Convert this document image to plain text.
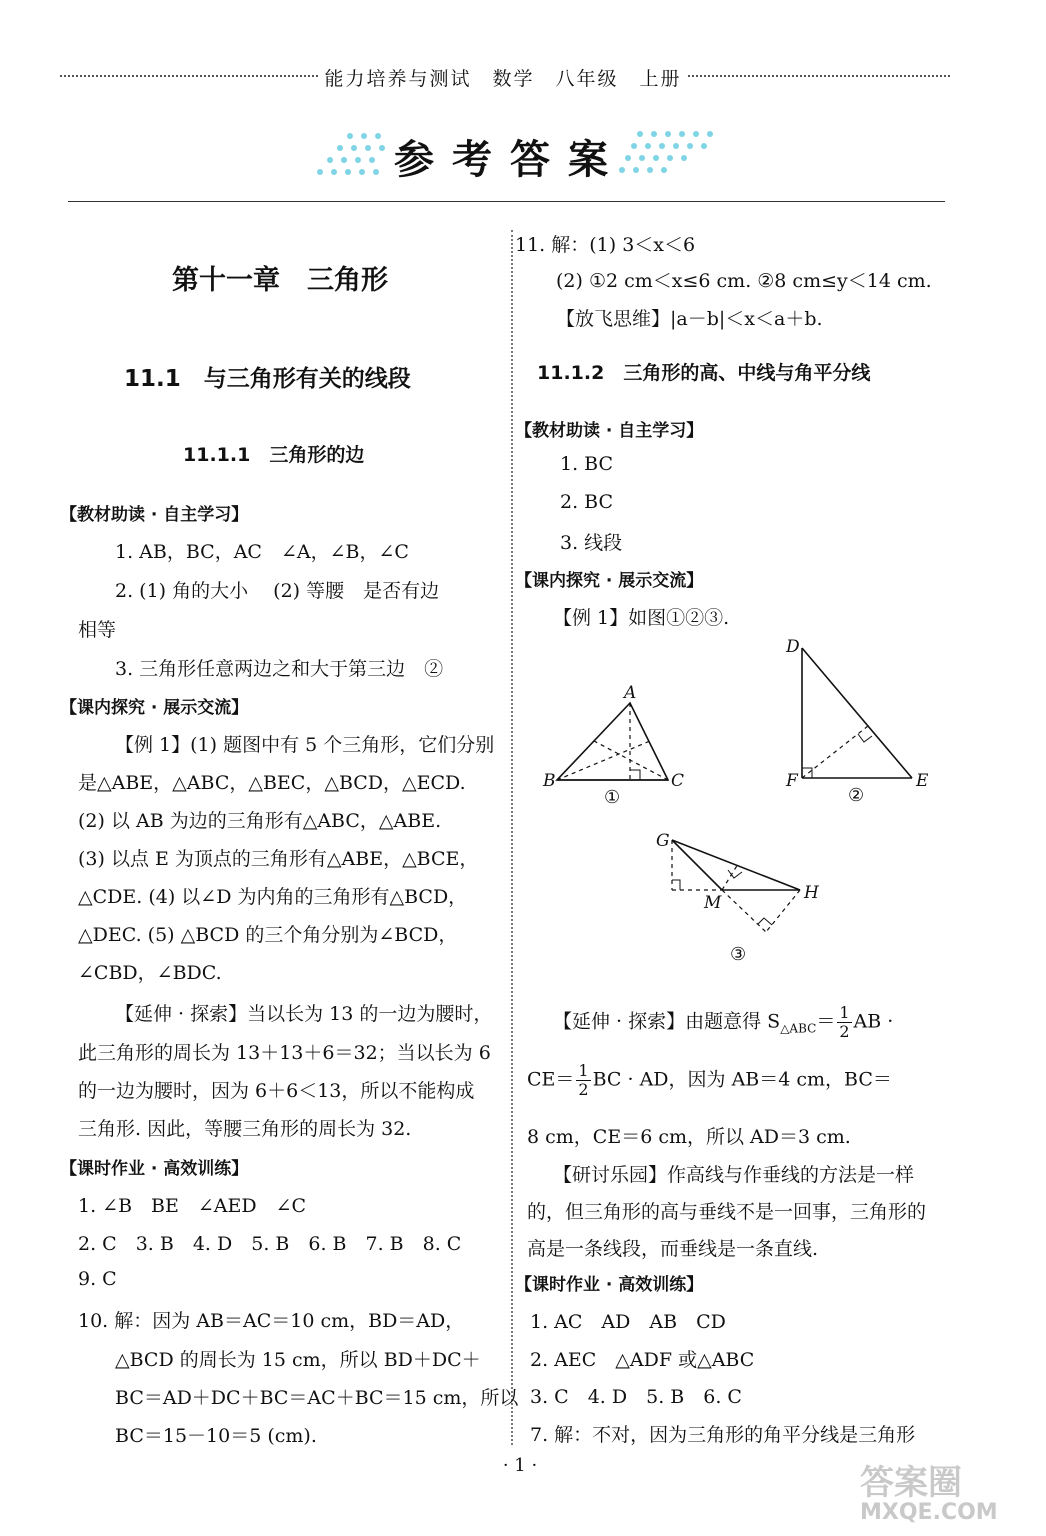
能力培养与测试　数学　八年级　上册
参考答案

第十一章　三角形

11.1　与三角形有关的线段

11.1.1　三角形的边

【教材助读 · 自主学习】

1. AB，BC，AC　∠A，∠B，∠C

2. (1) 角的大小　 (2) 等腰　是否有边

相等

3. 三角形任意两边之和大于第三边　②

【课内探究 · 展示交流】

【例 1】(1) 题图中有 5 个三角形，它们分别

是△ABE，△ABC，△BEC，△BCD，△ECD.

(2) 以 AB 为边的三角形有△ABC，△ABE.

(3) 以点 E 为顶点的三角形有△ABE，△BCE，

△CDE. (4) 以∠D 为内角的三角形有△BCD，

△DEC. (5) △BCD 的三个角分别为∠BCD，

∠CBD，∠BDC.

【延伸 · 探索】当以长为 13 的一边为腰时，

此三角形的周长为 13＋13＋6＝32；当以长为 6

的一边为腰时，因为 6＋6＜13，所以不能构成

三角形. 因此，等腰三角形的周长为 32.

【课时作业 · 高效训练】

1. ∠B　BE　∠AED　∠C

2. C　3. B　4. D　5. B　6. B　7. B　8. C

9. C

10. 解：因为 AB＝AC＝10 cm，BD＝AD，

△BCD 的周长为 15 cm，所以 BD＋DC＋

BC＝AD＋DC＋BC＝AC＋BC＝15 cm，所以

BC＝15－10＝5 (cm).

11. 解：(1) 3＜x＜6

(2) ①2 cm＜x≤6 cm. ②8 cm≤y＜14 cm.

【放飞思维】|a－b|＜x＜a＋b.

11.1.2　三角形的高、中线与角平分线

【教材助读 · 自主学习】

1. BC

2. BC

3. 线段

【课内探究 · 展示交流】

【例 1】如图①②③.

A
B	C
D
E
F
G
H
M
①	②
③

【延伸 · 探索】由题意得 $S_{\triangle ABC}= \frac{1}{2}$ AB ·

$CE= \frac{1}{2}$ BC · AD，因为 AB＝4 cm，BC＝

8 cm，CE＝6 cm，所以 AD＝3 cm.

【研讨乐园】作高线与作垂线的方法是一样

的，但三角形的高与垂线不是一回事，三角形的

高是一条线段，而垂线是一条直线.

【课时作业 · 高效训练】

1. AC　AD　AB　CD

2. AEC　△ADF 或△ABC

3. C　4. D　5. B　6. C

7. 解：不对，因为三角形的角平分线是三角形

· 1 ·	答案圈
MXQE.COM
